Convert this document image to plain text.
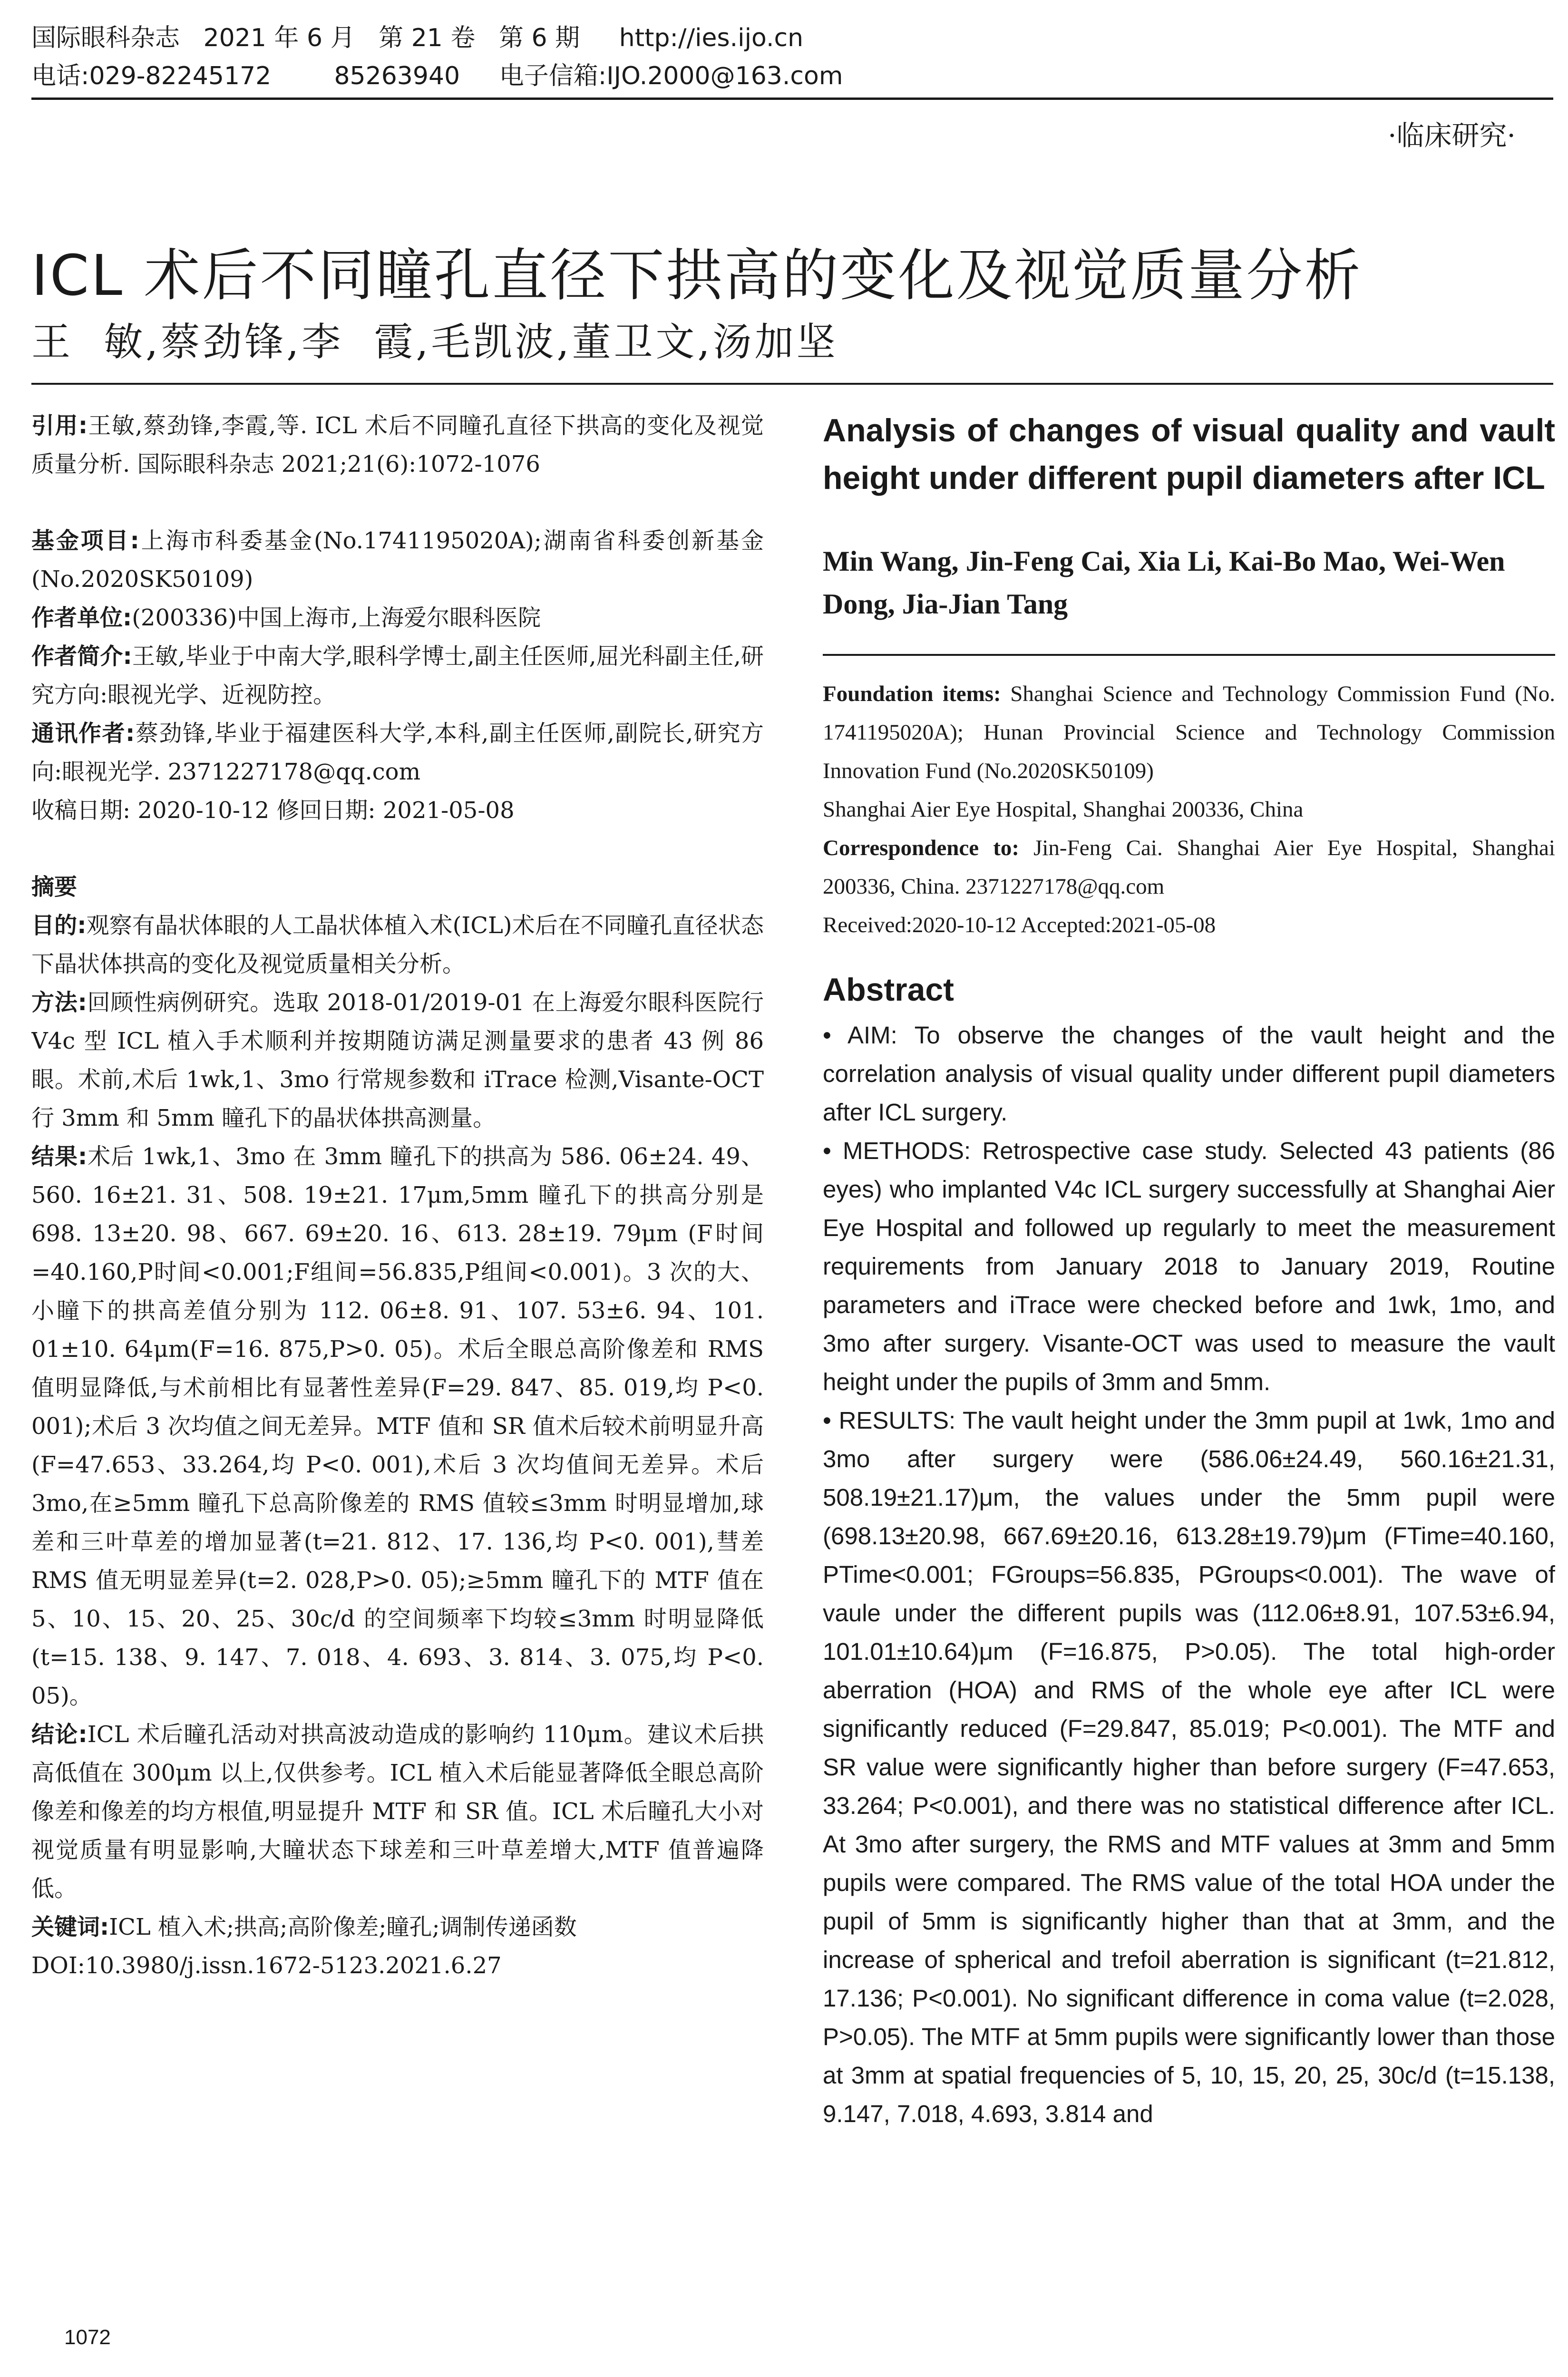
国际眼科杂志   2021 年 6 月   第 21 卷   第 6 期     http://ies.ijo.cn
电话:029-82245172        85263940     电子信箱:IJO.2000@163.com
·临床研究·
ICL 术后不同瞳孔直径下拱高的变化及视觉质量分析
王  敏,蔡劲锋,李  霞,毛凯波,董卫文,汤加坚

引用:王敏,蔡劲锋,李霞,等. ICL 术后不同瞳孔直径下拱高的变化及视觉质量分析. 国际眼科杂志 2021;21(6):1072-1076

基金项目:上海市科委基金(No.1741195020A);湖南省科委创新基金(No.2020SK50109)

作者单位:(200336)中国上海市,上海爱尔眼科医院

作者简介:王敏,毕业于中南大学,眼科学博士,副主任医师,屈光科副主任,研究方向:眼视光学、近视防控。

通讯作者:蔡劲锋,毕业于福建医科大学,本科,副主任医师,副院长,研究方向:眼视光学. 2371227178@qq.com

收稿日期: 2020-10-12 修回日期: 2021-05-08

摘要

目的:观察有晶状体眼的人工晶状体植入术(ICL)术后在不同瞳孔直径状态下晶状体拱高的变化及视觉质量相关分析。

方法:回顾性病例研究。选取 2018-01/2019-01 在上海爱尔眼科医院行 V4c 型 ICL 植入手术顺利并按期随访满足测量要求的患者 43 例 86 眼。术前,术后 1wk,1、3mo 行常规参数和 iTrace 检测,Visante-OCT 行 3mm 和 5mm 瞳孔下的晶状体拱高测量。

结果:术后 1wk,1、3mo 在 3mm 瞳孔下的拱高为 586. 06±24. 49、560. 16±21. 31、508. 19±21. 17μm,5mm 瞳孔下的拱高分别是 698. 13±20. 98、667. 69±20. 16、613. 28±19. 79μm (F时间=40.160,P时间<0.001;F组间=56.835,P组间<0.001)。3 次的大、小瞳下的拱高差值分别为 112. 06±8. 91、107. 53±6. 94、101. 01±10. 64μm(F=16. 875,P>0. 05)。术后全眼总高阶像差和 RMS 值明显降低,与术前相比有显著性差异(F=29. 847、85. 019,均 P<0. 001);术后 3 次均值之间无差异。MTF 值和 SR 值术后较术前明显升高(F=47.653、33.264,均 P<0. 001),术后 3 次均值间无差异。术后 3mo,在≥5mm 瞳孔下总高阶像差的 RMS 值较≤3mm 时明显增加,球差和三叶草差的增加显著(t=21. 812、17. 136,均 P<0. 001),彗差 RMS 值无明显差异(t=2. 028,P>0. 05);≥5mm 瞳孔下的 MTF 值在 5、10、15、20、25、30c/d 的空间频率下均较≤3mm 时明显降低(t=15. 138、9. 147、7. 018、4. 693、3. 814、3. 075,均 P<0. 05)。

结论:ICL 术后瞳孔活动对拱高波动造成的影响约 110μm。建议术后拱高低值在 300μm 以上,仅供参考。ICL 植入术后能显著降低全眼总高阶像差和像差的均方根值,明显提升 MTF 和 SR 值。ICL 术后瞳孔大小对视觉质量有明显影响,大瞳状态下球差和三叶草差增大,MTF 值普遍降低。

关键词:ICL 植入术;拱高;高阶像差;瞳孔;调制传递函数

DOI:10.3980/j.issn.1672-5123.2021.6.27

Analysis of changes of visual quality and vault height under different pupil diameters after ICL

Min Wang, Jin-Feng Cai, Xia Li, Kai-Bo Mao, Wei-Wen Dong, Jia-Jian Tang

Foundation items: Shanghai Science and Technology Commission Fund (No. 1741195020A); Hunan Provincial Science and Technology Commission Innovation Fund (No.2020SK50109)

Shanghai Aier Eye Hospital, Shanghai 200336, China

Correspondence to: Jin-Feng Cai. Shanghai Aier Eye Hospital, Shanghai 200336, China. 2371227178@qq.com

Received:2020-10-12 Accepted:2021-05-08

Abstract

• AIM: To observe the changes of the vault height and the correlation analysis of visual quality under different pupil diameters after ICL surgery.

• METHODS: Retrospective case study. Selected 43 patients (86 eyes) who implanted V4c ICL surgery successfully at Shanghai Aier Eye Hospital and followed up regularly to meet the measurement requirements from January 2018 to January 2019, Routine parameters and iTrace were checked before and 1wk, 1mo, and 3mo after surgery. Visante-OCT was used to measure the vault height under the pupils of 3mm and 5mm.

• RESULTS: The vault height under the 3mm pupil at 1wk, 1mo and 3mo after surgery were (586.06±24.49, 560.16±21.31, 508.19±21.17)μm, the values under the 5mm pupil were (698.13±20.98, 667.69±20.16, 613.28±19.79)μm (FTime=40.160, PTime<0.001; FGroups=56.835, PGroups<0.001). The wave of vaule under the different pupils was (112.06±8.91, 107.53±6.94, 101.01±10.64)μm (F=16.875, P>0.05). The total high-order aberration (HOA) and RMS of the whole eye after ICL were significantly reduced (F=29.847, 85.019; P<0.001). The MTF and SR value were significantly higher than before surgery (F=47.653, 33.264; P<0.001), and there was no statistical difference after ICL. At 3mo after surgery, the RMS and MTF values at 3mm and 5mm pupils were compared. The RMS value of the total HOA under the pupil of 5mm is significantly higher than that at 3mm, and the increase of spherical and trefoil aberration is significant (t=21.812, 17.136; P<0.001). No significant difference in coma value (t=2.028, P>0.05). The MTF at 5mm pupils were significantly lower than those at 3mm at spatial frequencies of 5, 10, 15, 20, 25, 30c/d (t=15.138, 9.147, 7.018, 4.693, 3.814 and

1072
